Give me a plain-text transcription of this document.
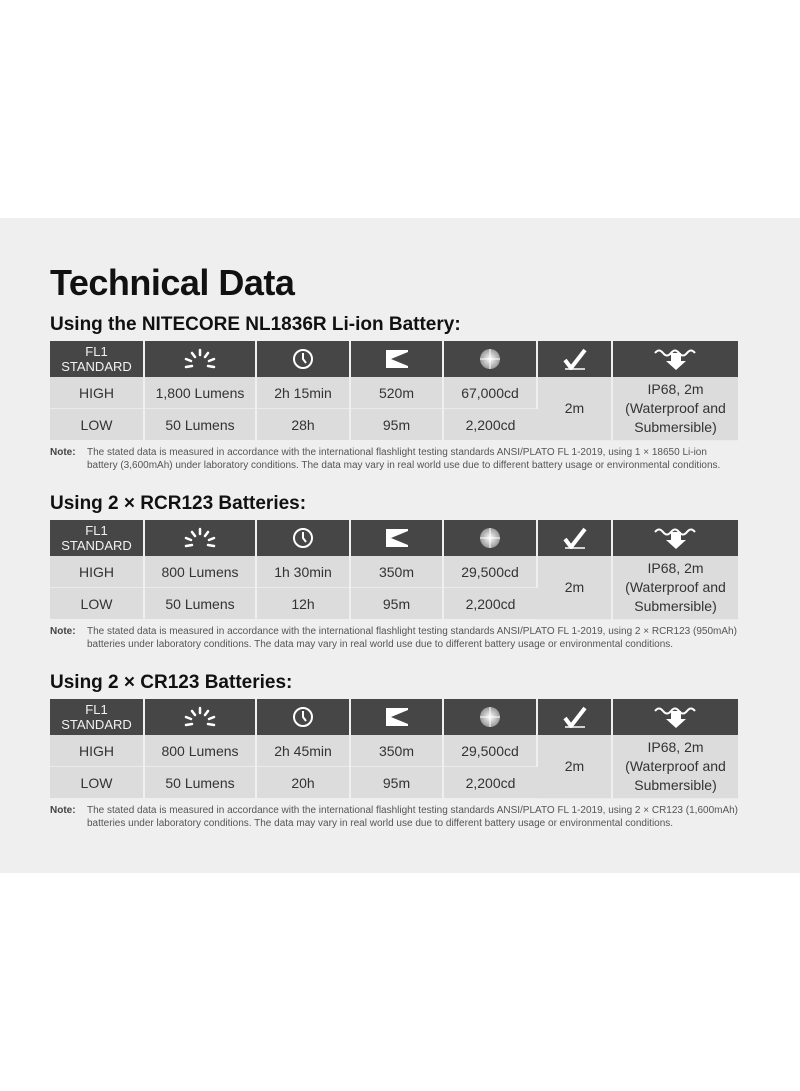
Technical Data
Using the NITECORE NL1836R Li-ion Battery:
FL1
STANDARD

HIGH	1,800 Lumens	2h 15min	520m	67,000cd	2m	IP68, 2m
(Waterproof and
Submersible)

LOW	50 Lumens	28h	95m	2,200cd		
Note:	The stated data is measured in accordance with the international flashlight testing standards ANSI/PLATO FL 1-2019, using 1 × 18650 Li-ion battery (3,600mAh) under laboratory conditions. The data may vary in real world use due to different battery usage or environmental conditions.
Using 2 × RCR123 Batteries:
FL1
STANDARD

HIGH	800 Lumens	1h 30min	350m	29,500cd	2m	IP68, 2m
(Waterproof and
Submersible)

LOW	50 Lumens	12h	95m	2,200cd		
Note:	The stated data is measured in accordance with the international flashlight testing standards ANSI/PLATO FL 1-2019, using 2 × RCR123 (950mAh) batteries under laboratory conditions. The data may vary in real world use due to different battery usage or environmental conditions.
Using 2 × CR123 Batteries:
FL1
STANDARD

HIGH	800 Lumens	2h 45min	350m	29,500cd	2m	IP68, 2m
(Waterproof and
Submersible)

LOW	50 Lumens	20h	95m	2,200cd		
Note:	The stated data is measured in accordance with the international flashlight testing standards ANSI/PLATO FL 1-2019, using 2 × CR123 (1,600mAh) batteries under laboratory conditions. The data may vary in real world use due to different battery usage or environmental conditions.
